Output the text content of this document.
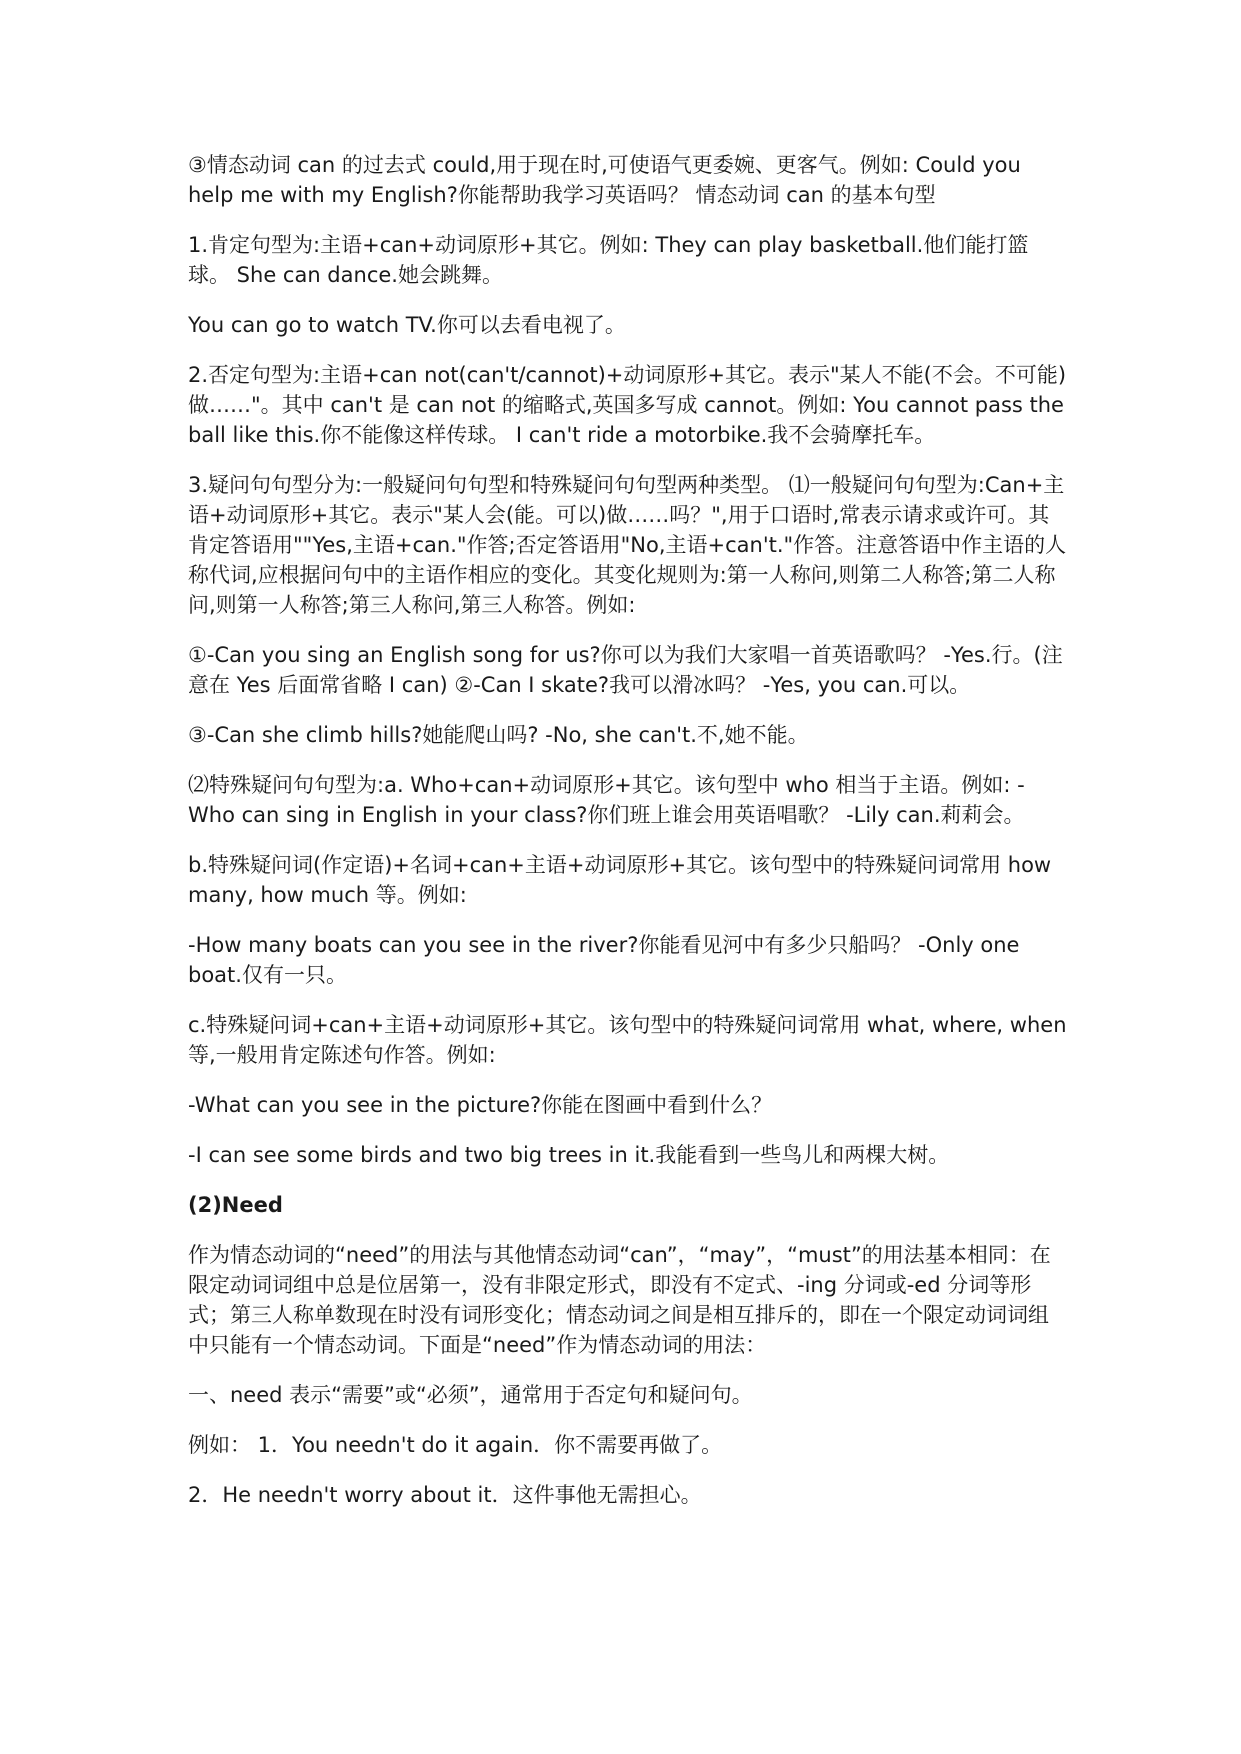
③情态动词 can 的过去式 could,用于现在时,可使语气更委婉、更客气。例如: Could you help me with my English?你能帮助我学习英语吗？ 情态动词 can 的基本句型

1.肯定句型为:主语+can+动词原形+其它。例如: They can play basketball.他们能打篮球。 She can dance.她会跳舞。

You can go to watch TV.你可以去看电视了。

2.否定句型为:主语+can not(can't/cannot)+动词原形+其它。表示"某人不能(不会。不可能)做……"。其中 can't 是 can not 的缩略式,英国多写成 cannot。例如: You cannot pass the ball like this.你不能像这样传球。 I can't ride a motorbike.我不会骑摩托车。

3.疑问句句型分为:一般疑问句句型和特殊疑问句句型两种类型。 ⑴一般疑问句句型为:Can+主语+动词原形+其它。表示"某人会(能。可以)做……吗？",用于口语时,常表示请求或许可。其肯定答语用""Yes,主语+can."作答;否定答语用"No,主语+can't."作答。注意答语中作主语的人称代词,应根据问句中的主语作相应的变化。其变化规则为:第一人称问,则第二人称答;第二人称问,则第一人称答;第三人称问,第三人称答。例如:

①-Can you sing an English song for us?你可以为我们大家唱一首英语歌吗？ -Yes.行。(注意在 Yes 后面常省略 I can) ②-Can I skate?我可以滑冰吗？ -Yes, you can.可以。

③-Can she climb hills?她能爬山吗? -No, she can't.不,她不能。

⑵特殊疑问句句型为:a. Who+can+动词原形+其它。该句型中 who 相当于主语。例如: -Who can sing in English in your class?你们班上谁会用英语唱歌？ -Lily can.莉莉会。

b.特殊疑问词(作定语)+名词+can+主语+动词原形+其它。该句型中的特殊疑问词常用 how many, how much 等。例如:

-How many boats can you see in the river?你能看见河中有多少只船吗？ -Only one boat.仅有一只。

c.特殊疑问词+can+主语+动词原形+其它。该句型中的特殊疑问词常用 what, where, when 等,一般用肯定陈述句作答。例如:

-What can you see in the picture?你能在图画中看到什么？

-I can see some birds and two big trees in it.我能看到一些鸟儿和两棵大树。

(2)Need

作为情态动词的“need”的用法与其他情态动词“can”，“may”，“must”的用法基本相同：在限定动词词组中总是位居第一，没有非限定形式，即没有不定式、-ing 分词或-ed 分词等形式；第三人称单数现在时没有词形变化；情态动词之间是相互排斥的，即在一个限定动词词组中只能有一个情态动词。下面是“need”作为情态动词的用法：

一、need 表示“需要”或“必须”，通常用于否定句和疑问句。

例如： 1．You needn't do it again．你不需要再做了。

2．He needn't worry about it．这件事他无需担心。
